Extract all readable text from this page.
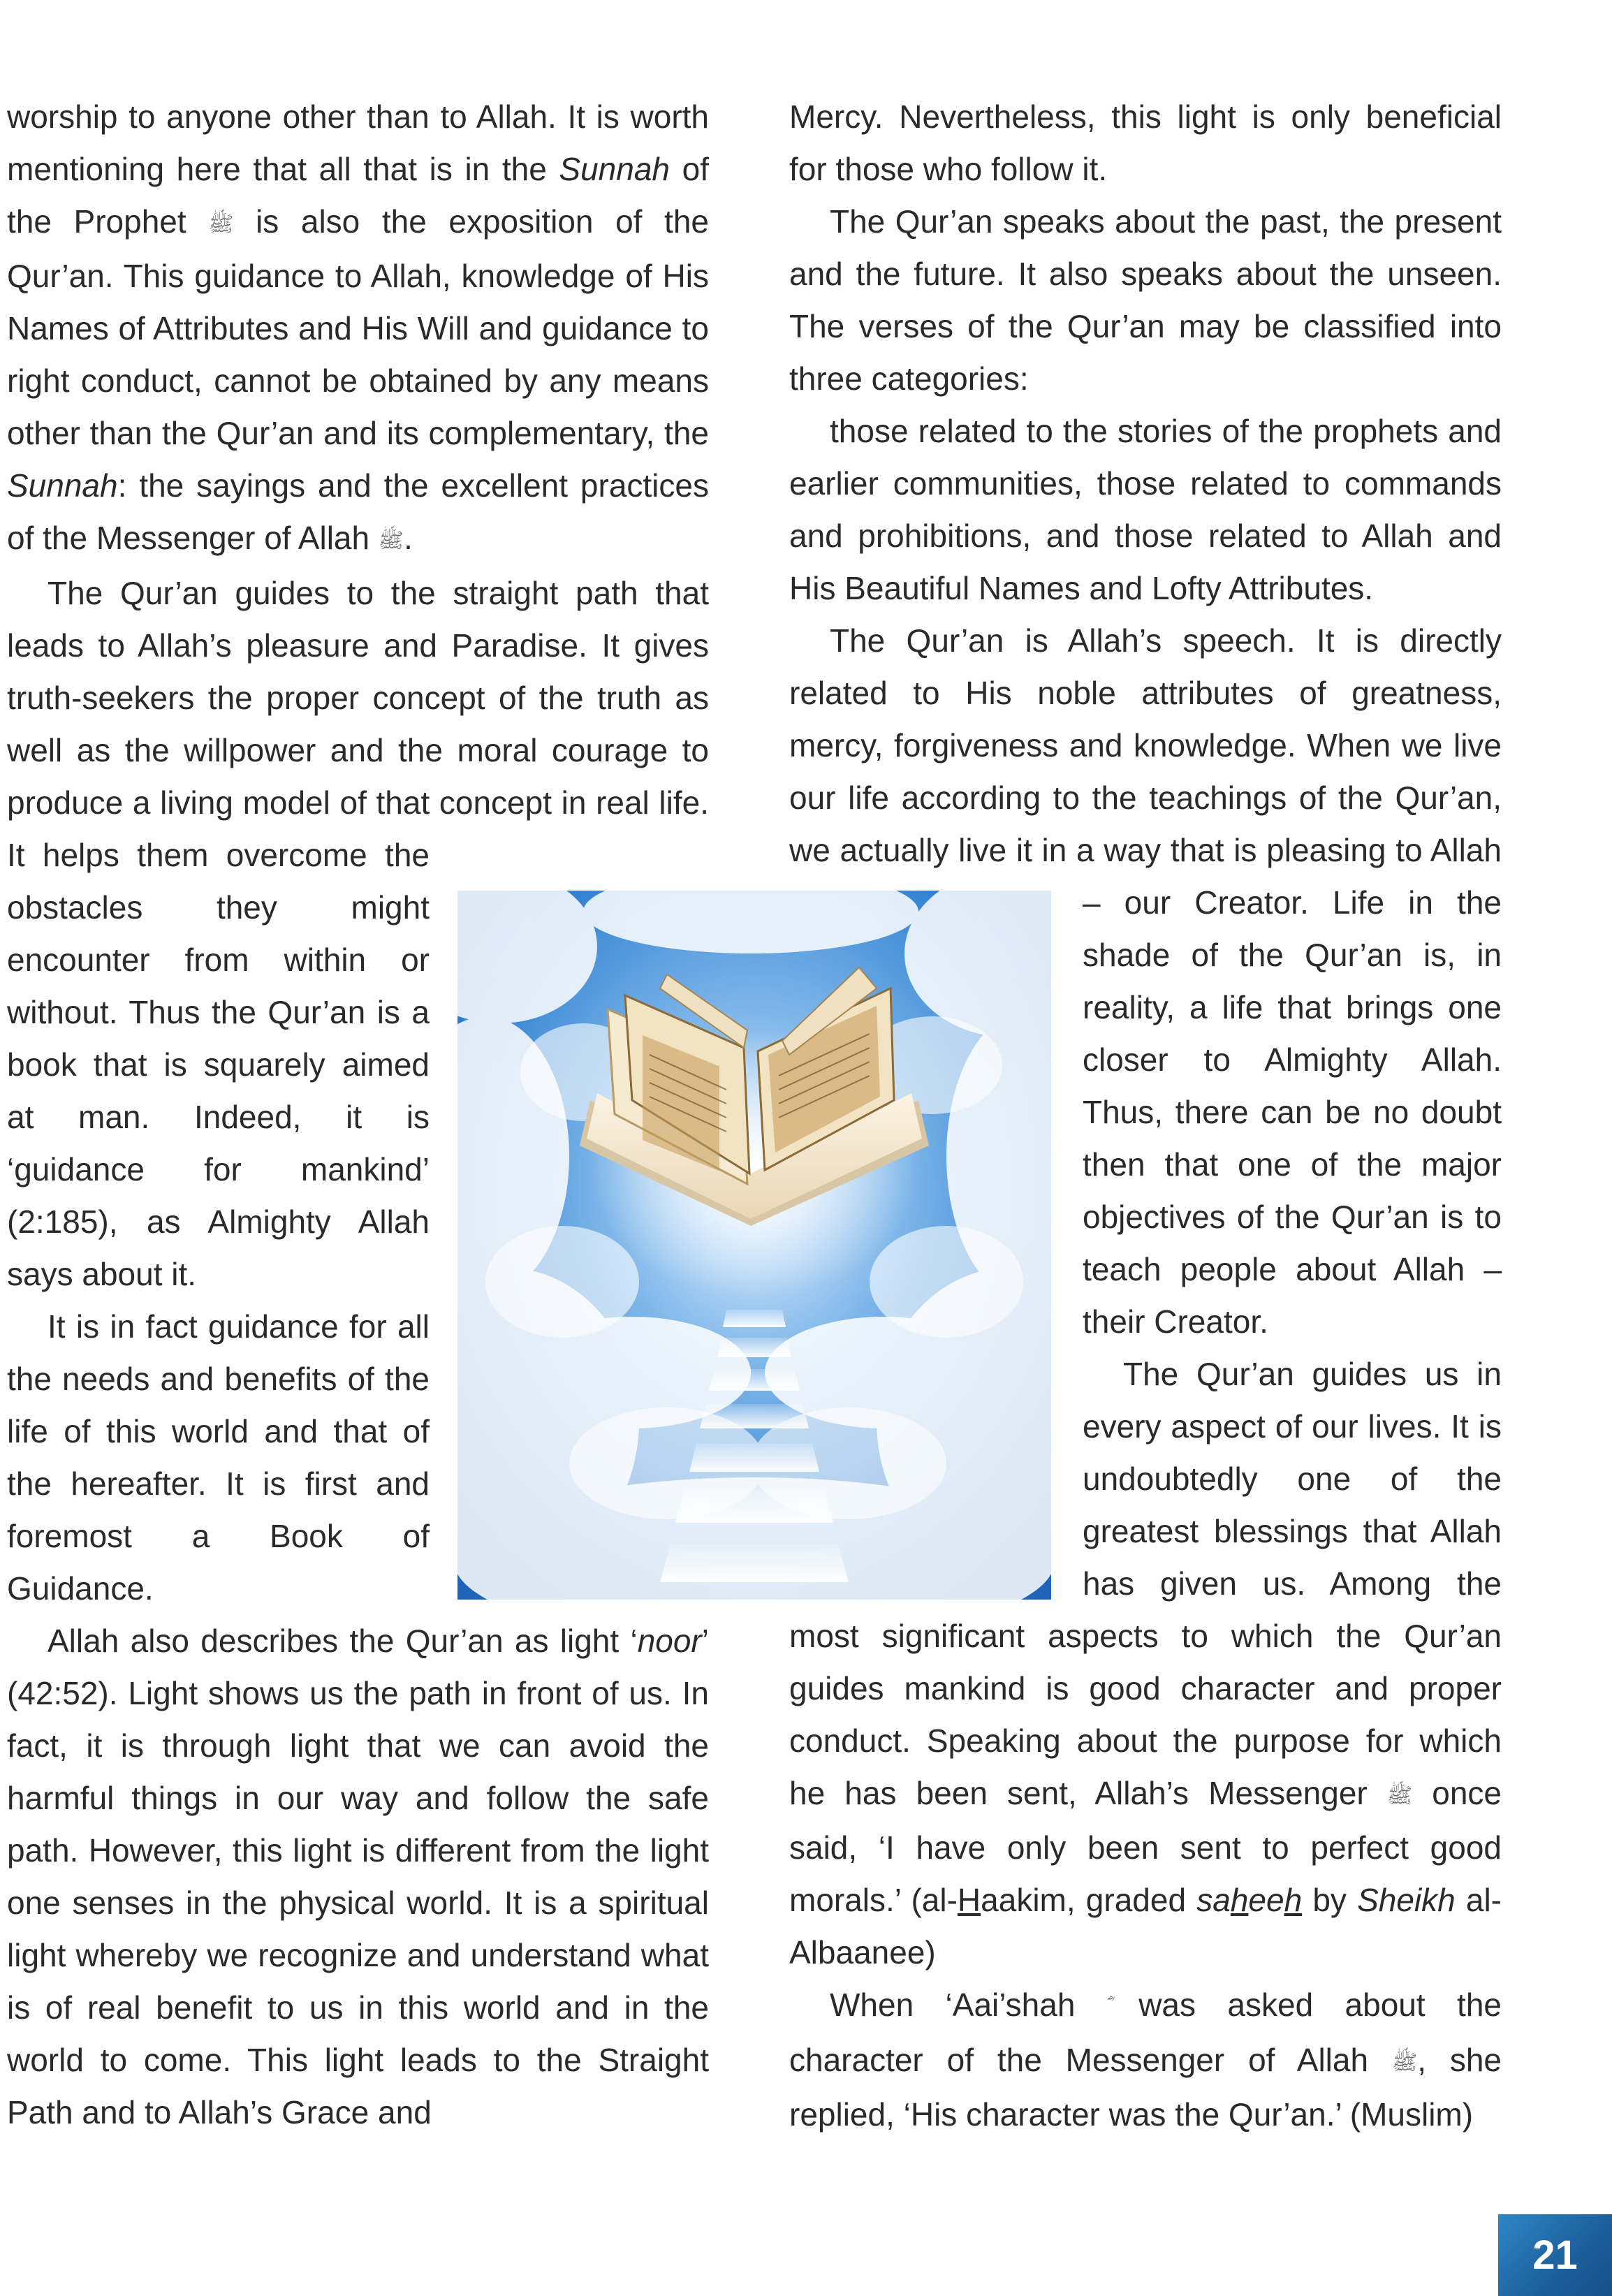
21

worship to anyone other than to Allah. It is worth mentioning here that all that is in the Sunnah of the Prophet ﷺ is also the exposition of the Qur’an. This guidance to Allah, knowledge of His Names of Attributes and His Will and guidance to right conduct, cannot be obtained by any means other than the Qur’an and its complementary, the Sunnah: the sayings and the excellent practices of the Messenger of Allah ﷺ.

The Qur’an guides to the straight path that leads to Allah’s pleasure and Paradise. It gives truth-seekers the proper concept of the truth as well as the willpower and the moral courage to produce a living model of that concept in real life. It helps them overcome the obstacles they might encounter from within or without. Thus the Qur’an is a book that is squarely aimed at man. Indeed, it is ‘guidance for mankind’ (2:185), as Almighty Allah says about it.

It is in fact guidance for all the needs and benefits of the life of this world and that of the hereafter. It is first and foremost a Book of Guidance.

Allah also describes the Qur’an as light ‘noor’ (42:52). Light shows us the path in front of us. In fact, it is through light that we can avoid the harmful things in our way and follow the safe path. However, this light is different from the light one senses in the physical world. It is a spiritual light whereby we recognize and understand what is of real benefit to us in this world and in the world to come. This light leads to the Straight Path and to Allah’s Grace and

Mercy. Nevertheless, this light is only beneficial for those who follow it.

The Qur’an speaks about the past, the present and the future. It also speaks about the unseen. The verses of the Qur’an may be classified into three categories:

those related to the stories of the prophets and earlier communities, those related to commands and prohibitions, and those related to Allah and His Beautiful Names and Lofty Attributes.

The Qur’an is Allah’s speech. It is directly related to His noble attributes of greatness, mercy, forgiveness and knowledge. When we live our life according to the teachings of the Qur’an, we actually live it in a way that is pleasing to Allah – our Creator. Life in the shade of the Qur’an is, in reality, a life that brings one closer to Almighty Allah. Thus, there can be no doubt then that one of the major objectives of the Qur’an is to teach people about Allah – their Creator.

The Qur’an guides us in every aspect of our lives. It is undoubtedly one of the greatest blessings that Allah has given us. Among the most significant aspects to which the Qur’an guides mankind is good character and proper conduct. Speaking about the purpose for which he has been sent, Allah’s Messenger ﷺ once said, ‘I have only been sent to perfect good morals.’ (al-Haakim, graded saheeh by Sheikh al-Albaanee)

When ‘Aai’shah was asked about the character of the Messenger of Allah ﷺ, she replied, ‘His character was the Qur’an.’ (Muslim)
